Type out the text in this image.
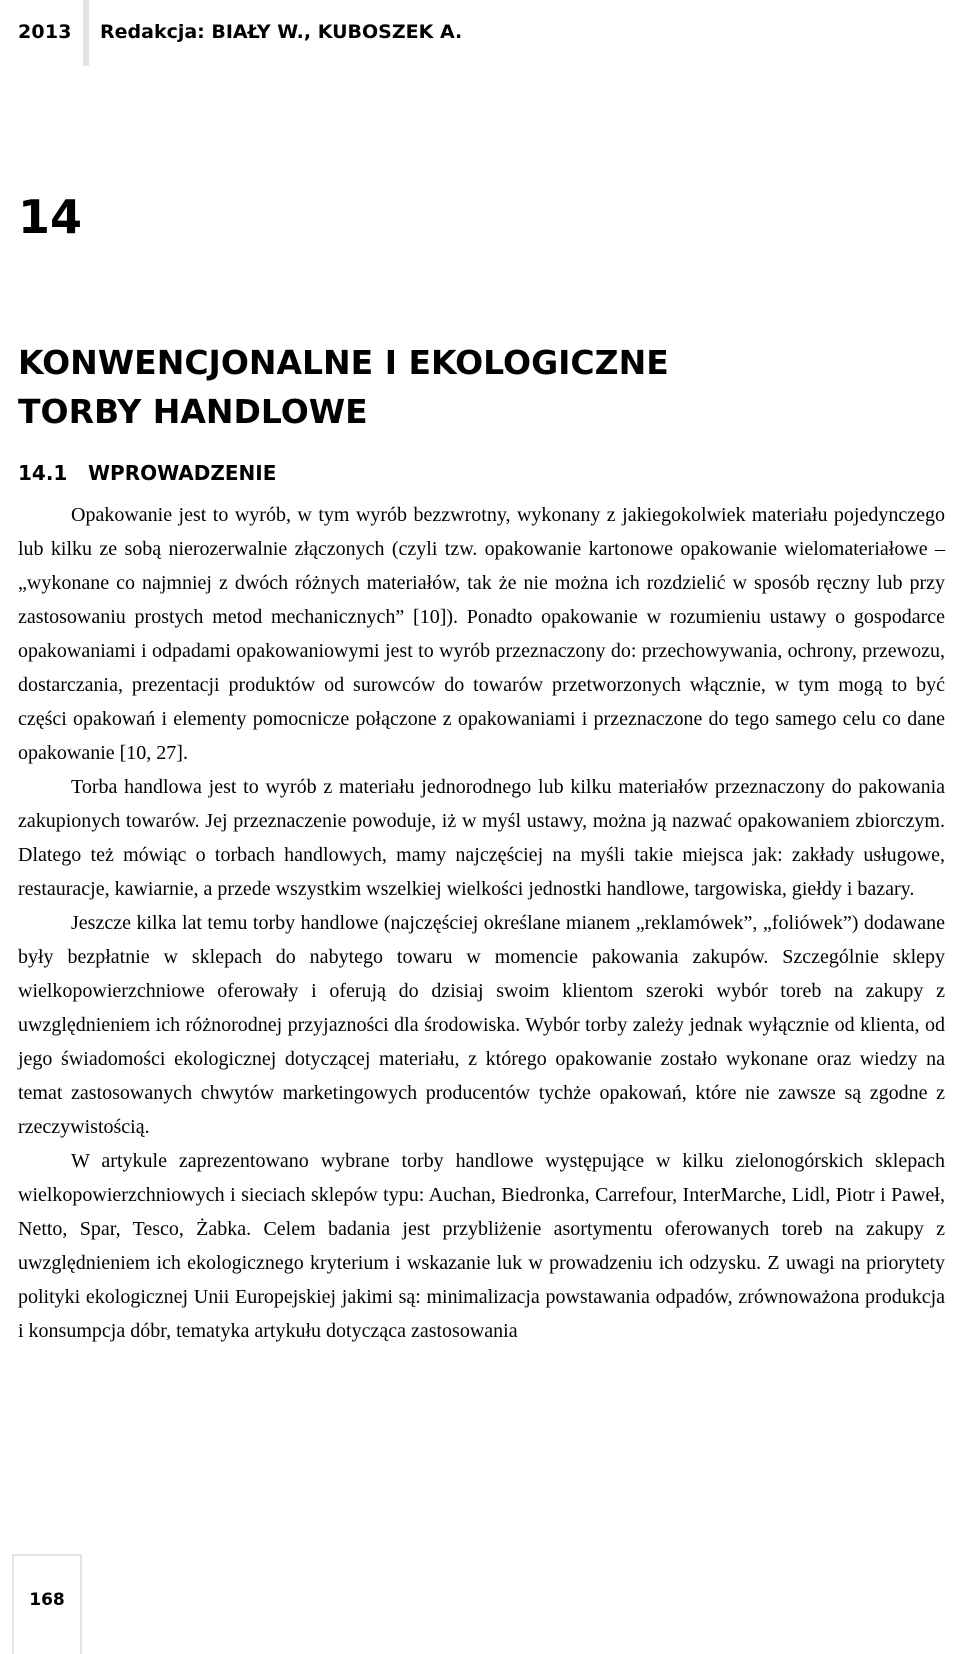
2013 Redakcja: BIAŁY W., KUBOSZEK A.
14
KONWENCJONALNE I EKOLOGICZNE
TORBY HANDLOWE
14.1 WPROWADZENIE

Opakowanie jest to wyrób, w tym wyrób bezzwrotny, wykonany z jakiegokolwiek materiału pojedynczego lub kilku ze sobą nierozerwalnie złączonych (czyli tzw. opakowanie kartonowe opakowanie wielomateriałowe – „wykonane co najmniej z dwóch różnych materiałów, tak że nie można ich rozdzielić w sposób ręczny lub przy zastosowaniu prostych metod mechanicznych” [10]). Ponadto opakowanie w rozumieniu ustawy o gospodarce opakowaniami i odpadami opakowaniowymi jest to wyrób przeznaczony do: przechowywania, ochrony, przewozu, dostarczania, prezentacji produktów od surowców do towarów przetworzonych włącznie, w tym mogą to być części opakowań i elementy pomocnicze połączone z opakowaniami i przeznaczone do tego samego celu co dane opakowanie [10, 27].

Torba handlowa jest to wyrób z materiału jednorodnego lub kilku materiałów przeznaczony do pakowania zakupionych towarów. Jej przeznaczenie powoduje, iż w myśl ustawy, można ją nazwać opakowaniem zbiorczym. Dlatego też mówiąc o torbach handlowych, mamy najczęściej na myśli takie miejsca jak: zakłady usługowe, restauracje, kawiarnie, a przede wszystkim wszelkiej wielkości jednostki handlowe, targowiska, giełdy i bazary.

Jeszcze kilka lat temu torby handlowe (najczęściej określane mianem „reklamówek”, „foliówek”) dodawane były bezpłatnie w sklepach do nabytego towaru w momencie pakowania zakupów. Szczególnie sklepy wielkopowierzchniowe oferowały i oferują do dzisiaj swoim klientom szeroki wybór toreb na zakupy z uwzględnieniem ich różnorodnej przyjazności dla środowiska. Wybór torby zależy jednak wyłącznie od klienta, od jego świadomości ekologicznej dotyczącej materiału, z którego opakowanie zostało wykonane oraz wiedzy na temat zastosowanych chwytów marketingowych producentów tychże opakowań, które nie zawsze są zgodne z rzeczywistością.

W artykule zaprezentowano wybrane torby handlowe występujące w kilku zielonogórskich sklepach wielkopowierzchniowych i sieciach sklepów typu: Auchan, Biedronka, Carrefour, InterMarche, Lidl, Piotr i Paweł, Netto, Spar, Tesco, Żabka. Celem badania jest przybliżenie asortymentu oferowanych toreb na zakupy z uwzględnieniem ich ekologicznego kryterium i wskazanie luk w prowadzeniu ich odzysku. Z uwagi na priorytety polityki ekologicznej Unii Europejskiej jakimi są: minimalizacja powstawania odpadów, zrównoważona produkcja i konsumpcja dóbr, tematyka artykułu dotycząca zastosowania

168
